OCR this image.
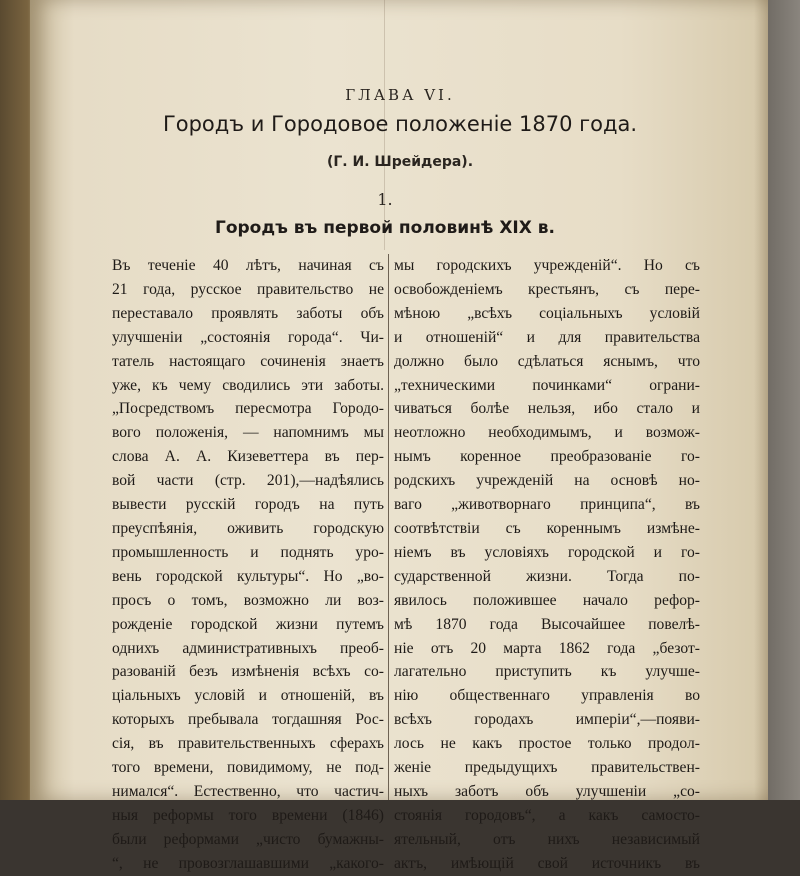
ГЛАВА VI.
Городъ и Городовое положеніе 1870 года.
(Г. И. Шрейдера).
1.
Городъ въ первой половинѣ XIX в.
Въ теченіе 40 лѣтъ, начиная съ
21 года, русское правительство не
переставало проявлять заботы объ
улучшеніи „состоянія города“. Чи-
татель настоящаго сочиненія знаетъ
уже, къ чему сводились эти заботы.
„Посредствомъ пересмотра Городо-
вого положенія, — напомнимъ мы
слова А. А. Кизеветтера въ пер-
вой части (стр. 201),—надѣялись
вывести русскій городъ на путь
преуспѣянія, оживить городскую
промышленность и поднять уро-
вень городской культуры“. Но „во-
просъ о томъ, возможно ли воз-
рожденіе городской жизни путемъ
однихъ административныхъ преоб-
разованій безъ измѣненія всѣхъ со-
ціальныхъ условій и отношеній, въ
которыхъ пребывала тогдашняя Рос-
сія, въ правительственныхъ сферахъ
того времени, повидимому, не под-
нимался“. Естественно, что частич-
ныя реформы того времени (1846)
были реформами „чисто бумажны-
“, не провозглашавшими „какого-
мы городскихъ учрежденій“. Но съ
освобожденіемъ крестьянъ, съ пере-
мѣною „всѣхъ соціальныхъ условій
и отношеній“ и для правительства
должно было сдѣлаться яснымъ, что
„техническими починками“ ограни-
чиваться болѣе нельзя, ибо стало и
неотложно необходимымъ, и возмож-
нымъ коренное преобразованіе го-
родскихъ учрежденій на основѣ но-
ваго „животворнаго принципа“, въ
соотвѣтствіи съ кореннымъ измѣне-
ніемъ въ условіяхъ городской и го-
сударственной жизни. Тогда по-
явилось положившее начало рефор-
мѣ 1870 года Высочайшее повелѣ-
ніе отъ 20 марта 1862 года „безот-
лагательно приступить къ улучше-
нію общественнаго управленія во
всѣхъ городахъ имперіи“,—появи-
лось не какъ простое только продол-
женіе предыдущихъ правительствен-
ныхъ заботъ объ улучшеніи „со-
стоянія городовъ“, а какъ самосто-
ятельный, отъ нихъ независимый
актъ, имѣющій свой источникъ въ
